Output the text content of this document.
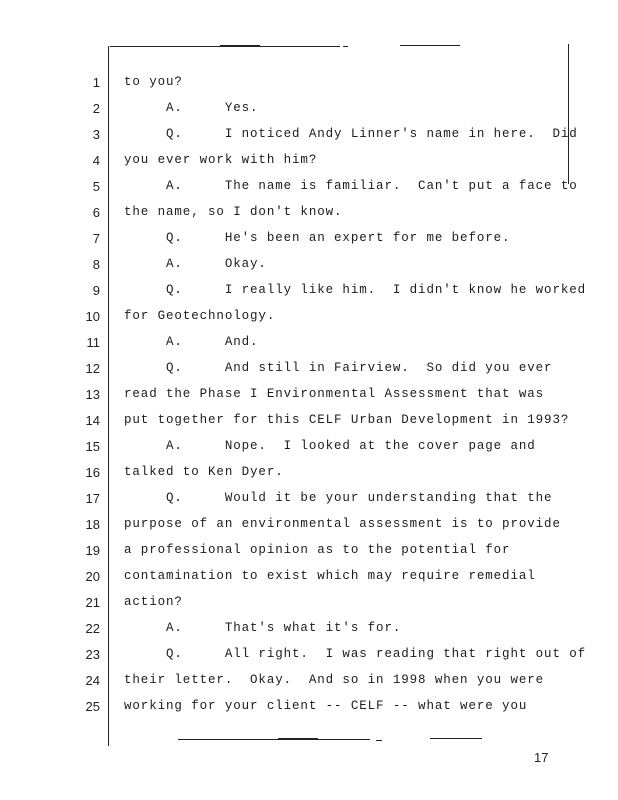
1 to you?
2 A.     Yes.
3 Q.     I noticed Andy Linner's name in here.  Did
4 you ever work with him?
5 A.     The name is familiar.  Can't put a face to
6 the name, so I don't know.
7 Q.     He's been an expert for me before.
8 A.     Okay.
9 Q.     I really like him.  I didn't know he worked
10 for Geotechnology.
11 A.     And.
12 Q.     And still in Fairview.  So did you ever
13 read the Phase I Environmental Assessment that was
14 put together for this CELF Urban Development in 1993?
15 A.     Nope.  I looked at the cover page and
16 talked to Ken Dyer.
17 Q.     Would it be your understanding that the
18 purpose of an environmental assessment is to provide
19 a professional opinion as to the potential for
20 contamination to exist which may require remedial
21 action?
22 A.     That's what it's for.
23 Q.     All right.  I was reading that right out of
24 their letter.  Okay.  And so in 1998 when you were
25 working for your client -- CELF -- what were you
17
